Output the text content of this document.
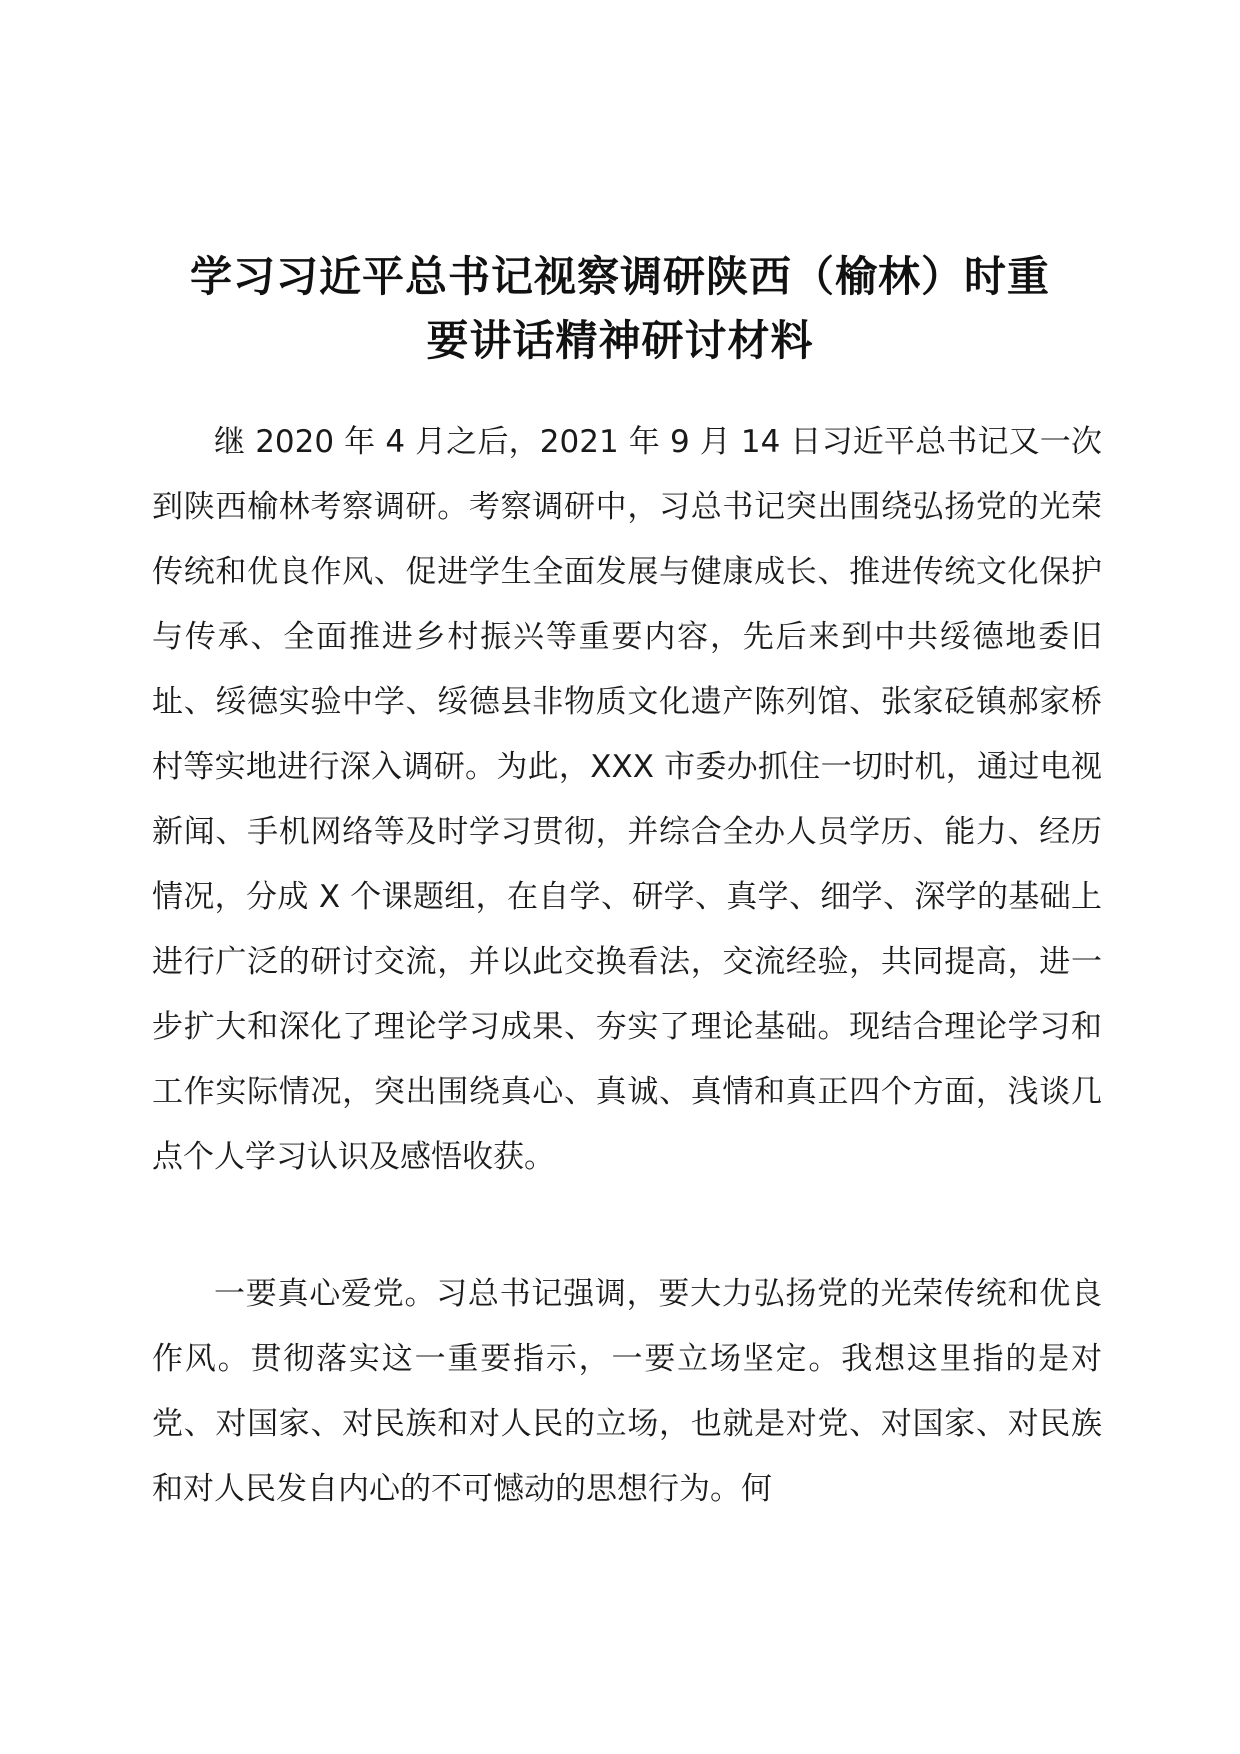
学习习近平总书记视察调研陕西（榆林）时重
要讲话精神研讨材料

继 2020 年 4 月之后，2021 年 9 月 14 日习近平总书记又一次到陕西榆林考察调研。考察调研中，习总书记突出围绕弘扬党的光荣传统和优良作风、促进学生全面发展与健康成长、推进传统文化保护与传承、全面推进乡村振兴等重要内容，先后来到中共绥德地委旧址、绥德实验中学、绥德县非物质文化遗产陈列馆、张家砭镇郝家桥村等实地进行深入调研。为此，XXX 市委办抓住一切时机，通过电视新闻、手机网络等及时学习贯彻，并综合全办人员学历、能力、经历情况，分成 X 个课题组，在自学、研学、真学、细学、深学的基础上进行广泛的研讨交流，并以此交换看法，交流经验，共同提高，进一步扩大和深化了理论学习成果、夯实了理论基础。现结合理论学习和工作实际情况，突出围绕真心、真诚、真情和真正四个方面，浅谈几点个人学习认识及感悟收获。

一要真心爱党。习总书记强调，要大力弘扬党的光荣传统和优良作风。贯彻落实这一重要指示，一要立场坚定。我想这里指的是对党、对国家、对民族和对人民的立场，也就是对党、对国家、对民族和对人民发自内心的不可憾动的思想行为。何
